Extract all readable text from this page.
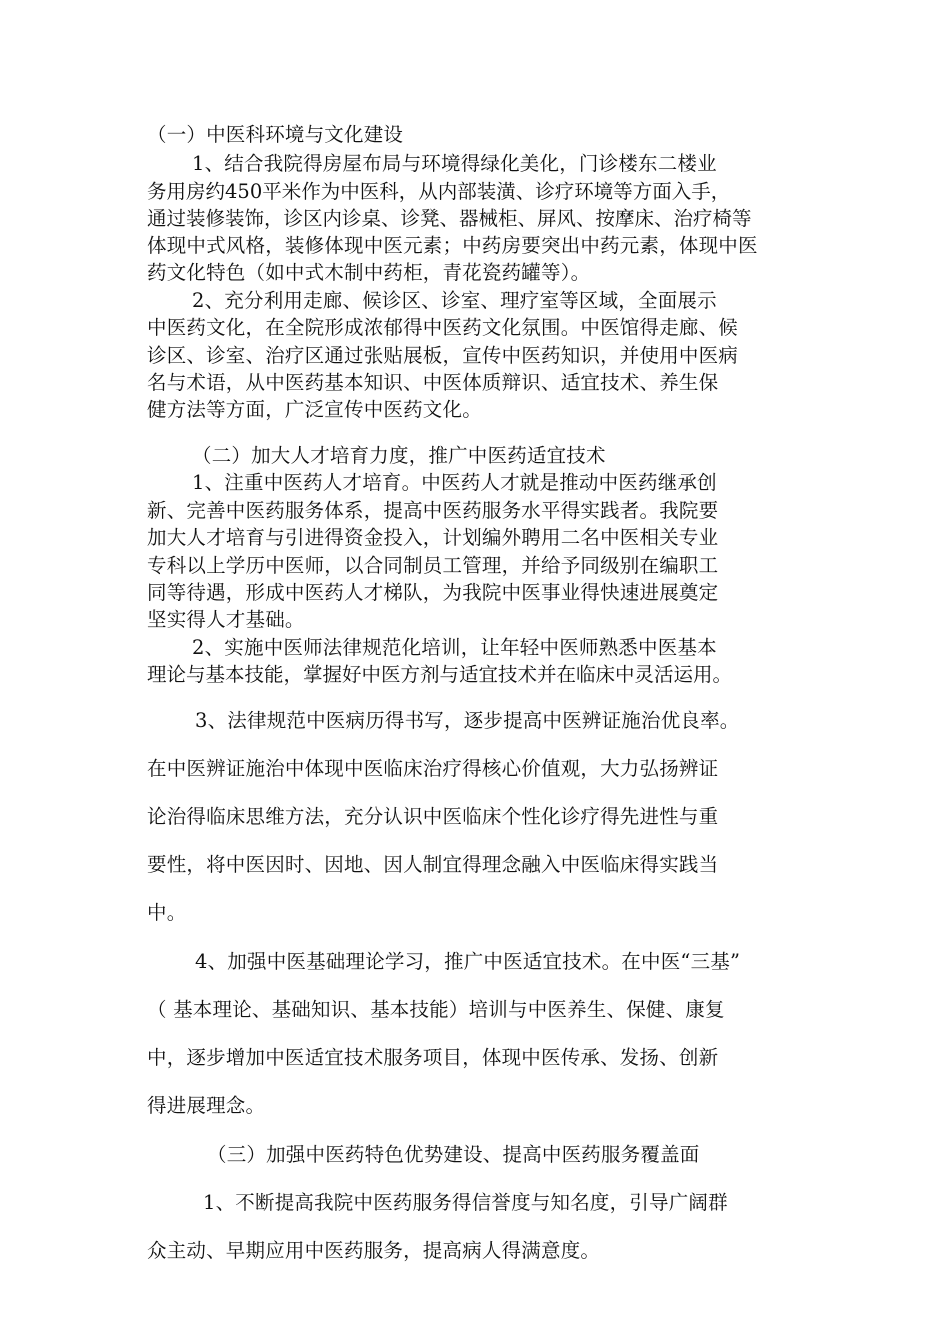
（一）中医科环境与文化建设
1、结合我院得房屋布局与环境得绿化美化，门诊楼东二楼业
务用房约450平米作为中医科，从内部装潢、诊疗环境等方面入手，
通过装修装饰，诊区内诊桌、诊凳、器械柜、屏风、按摩床、治疗椅等
体现中式风格，装修体现中医元素；中药房要突出中药元素，体现中医
药文化特色（如中式木制中药柜，青花瓷药罐等）。
2、充分利用走廊、候诊区、诊室、理疗室等区域，全面展示
中医药文化，在全院形成浓郁得中医药文化氛围。中医馆得走廊、候
诊区、诊室、治疗区通过张贴展板，宣传中医药知识，并使用中医病
名与术语，从中医药基本知识、中医体质辩识、适宜技术、养生保
健方法等方面，广泛宣传中医药文化。
（二）加大人才培育力度，推广中医药适宜技术
1、注重中医药人才培育。中医药人才就是推动中医药继承创
新、完善中医药服务体系，提高中医药服务水平得实践者。我院要
加大人才培育与引进得资金投入，计划编外聘用二名中医相关专业
专科以上学历中医师，以合同制员工管理，并给予同级别在编职工
同等待遇，形成中医药人才梯队，为我院中医事业得快速进展奠定
坚实得人才基础。
2、实施中医师法律规范化培训，让年轻中医师熟悉中医基本
理论与基本技能，掌握好中医方剂与适宜技术并在临床中灵活运用。
3、法律规范中医病历得书写，逐步提高中医辨证施治优良率。
在中医辨证施治中体现中医临床治疗得核心价值观，大力弘扬辨证
论治得临床思维方法，充分认识中医临床个性化诊疗得先进性与重
要性，将中医因时、因地、因人制宜得理念融入中医临床得实践当
中。
4、加强中医基础理论学习，推广中医适宜技术。在中医“三基”
（ 基本理论、基础知识、基本技能）培训与中医养生、保健、康复
中，逐步增加中医适宜技术服务项目，体现中医传承、发扬、创新
得进展理念。
（三）加强中医药特色优势建设、提高中医药服务覆盖面
1、不断提高我院中医药服务得信誉度与知名度，引导广阔群
众主动、早期应用中医药服务，提高病人得满意度。
